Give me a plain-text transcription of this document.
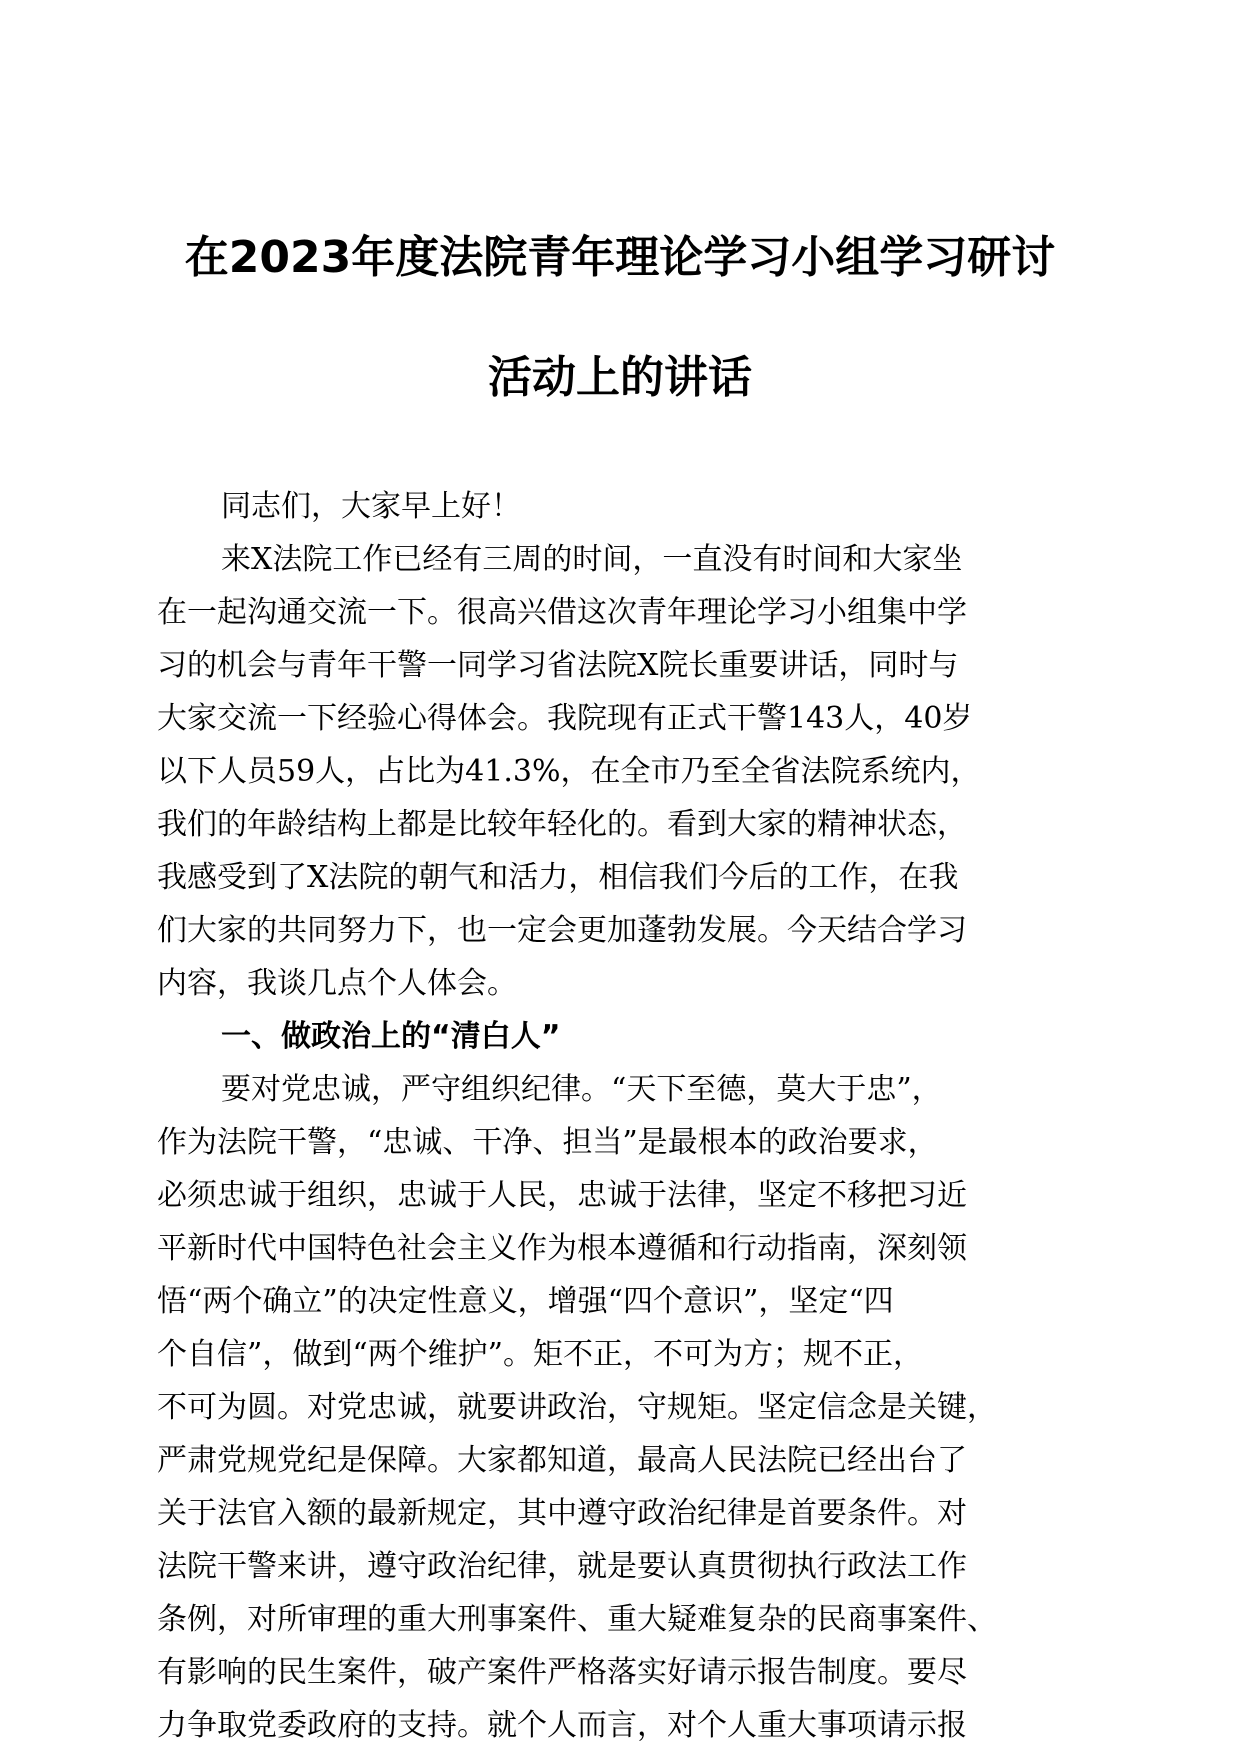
在2023年度法院青年理论学习小组学习研讨
活动上的讲话
同志们，大家早上好！
来X法院工作已经有三周的时间，一直没有时间和大家坐
在一起沟通交流一下。很高兴借这次青年理论学习小组集中学
习的机会与青年干警一同学习省法院X院长重要讲话，同时与
大家交流一下经验心得体会。我院现有正式干警143人，40岁
以下人员59人，占比为41.3%，在全市乃至全省法院系统内，
我们的年龄结构上都是比较年轻化的。看到大家的精神状态，
我感受到了X法院的朝气和活力，相信我们今后的工作，在我
们大家的共同努力下，也一定会更加蓬勃发展。今天结合学习
内容，我谈几点个人体会。
一、做政治上的“清白人”
要对党忠诚，严守组织纪律。“天下至德，莫大于忠”，
作为法院干警，“忠诚、干净、担当”是最根本的政治要求，
必须忠诚于组织，忠诚于人民，忠诚于法律，坚定不移把习近
平新时代中国特色社会主义作为根本遵循和行动指南，深刻领
悟“两个确立”的决定性意义，增强“四个意识”，坚定“四
个自信”，做到“两个维护”。矩不正，不可为方；规不正，
不可为圆。对党忠诚，就要讲政治，守规矩。坚定信念是关键，
严肃党规党纪是保障。大家都知道，最高人民法院已经出台了
关于法官入额的最新规定，其中遵守政治纪律是首要条件。对
法院干警来讲，遵守政治纪律，就是要认真贯彻执行政法工作
条例，对所审理的重大刑事案件、重大疑难复杂的民商事案件、
有影响的民生案件，破产案件严格落实好请示报告制度。要尽
力争取党委政府的支持。就个人而言，对个人重大事项请示报
